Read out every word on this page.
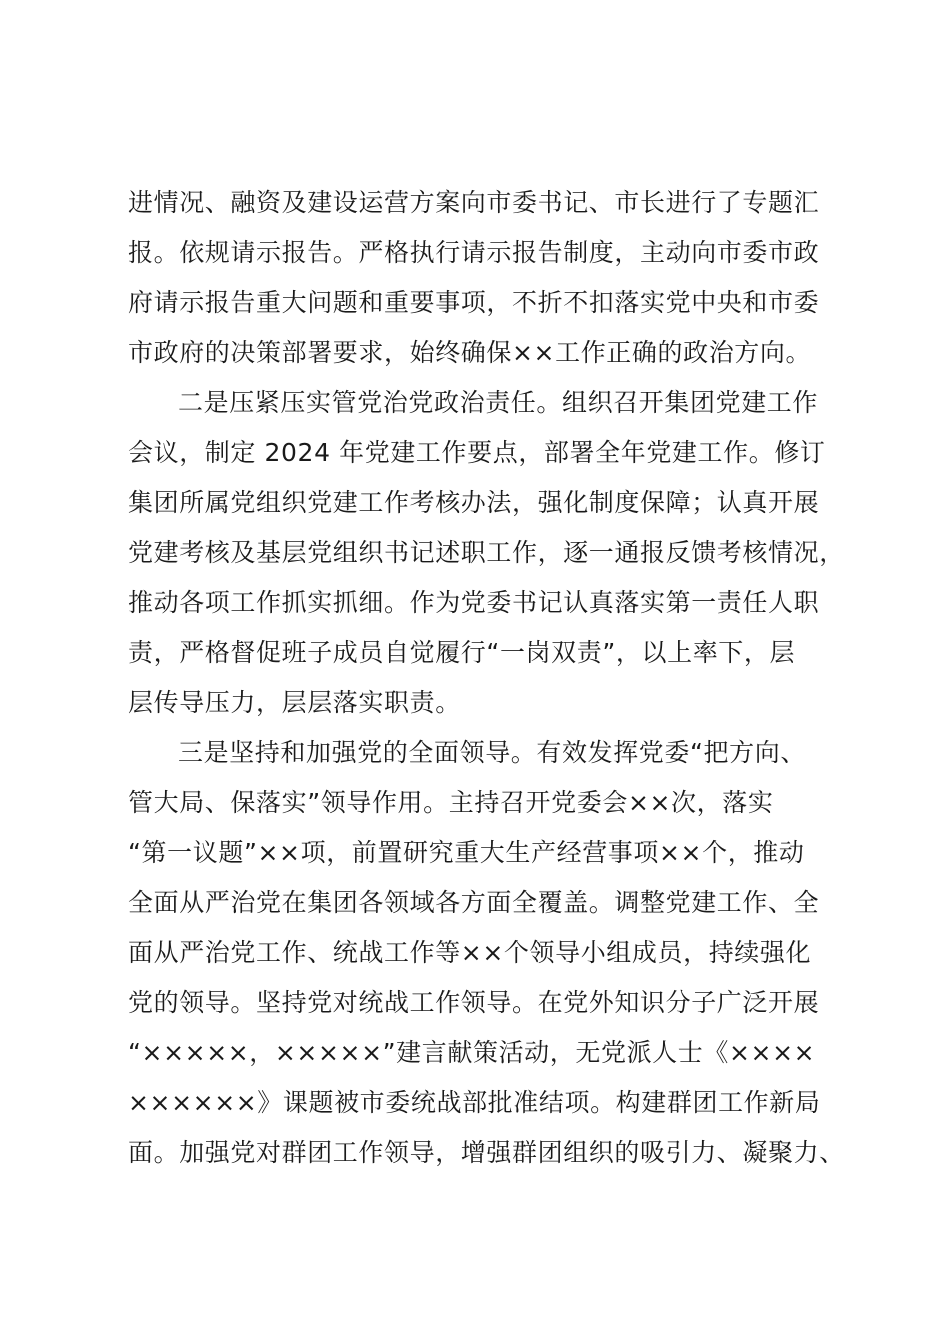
进情况、融资及建设运营方案向市委书记、市长进行了专题汇
报。依规请示报告。严格执行请示报告制度，主动向市委市政
府请示报告重大问题和重要事项，不折不扣落实党中央和市委
市政府的决策部署要求，始终确保××工作正确的政治方向。
二是压紧压实管党治党政治责任。组织召开集团党建工作
会议，制定 2024 年党建工作要点，部署全年党建工作。修订
集团所属党组织党建工作考核办法，强化制度保障；认真开展
党建考核及基层党组织书记述职工作，逐一通报反馈考核情况，
推动各项工作抓实抓细。作为党委书记认真落实第一责任人职
责，严格督促班子成员自觉履行“一岗双责”，以上率下，层
层传导压力，层层落实职责。
三是坚持和加强党的全面领导。有效发挥党委“把方向、
管大局、保落实”领导作用。主持召开党委会××次，落实
“第一议题”××项，前置研究重大生产经营事项××个，推动
全面从严治党在集团各领域各方面全覆盖。调整党建工作、全
面从严治党工作、统战工作等××个领导小组成员，持续强化
党的领导。坚持党对统战工作领导。在党外知识分子广泛开展
“×××××，×××××”建言献策活动，无党派人士《××××
××××××》课题被市委统战部批准结项。构建群团工作新局
面。加强党对群团工作领导，增强群团组织的吸引力、凝聚力、
